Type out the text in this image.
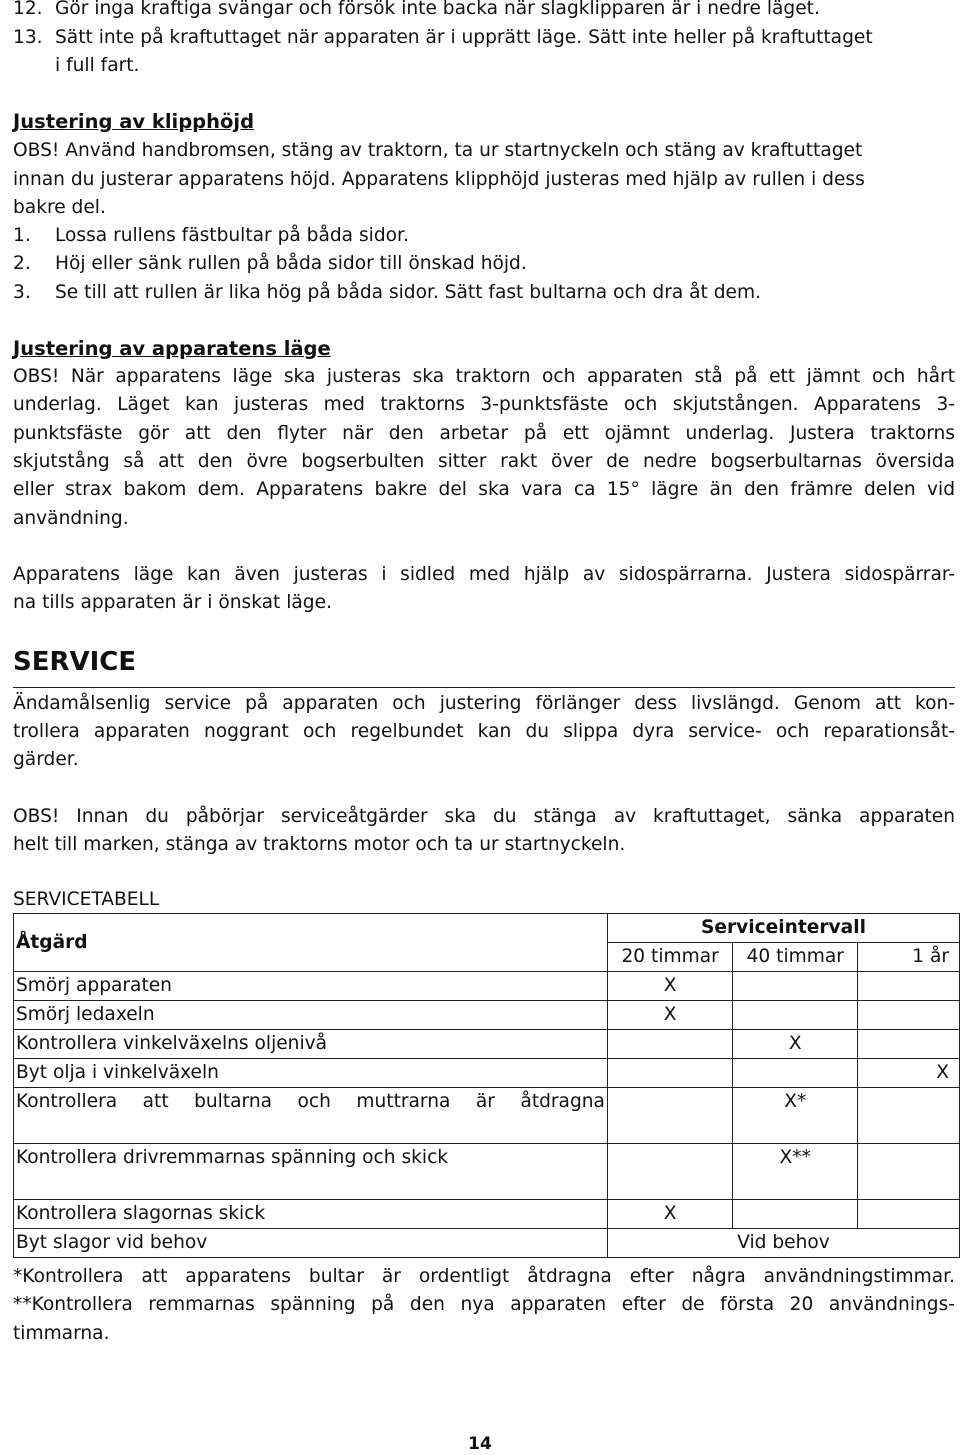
12. Gör inga kraftiga svängar och försök inte backa när slagklipparen är i nedre läget.
13. Sätt inte på kraftuttaget när apparaten är i upprätt läge. Sätt inte heller på kraftuttaget
i full fart.
Justering av klipphöjd
OBS! Använd handbromsen, stäng av traktorn, ta ur startnyckeln och stäng av kraftuttaget
innan du justerar apparatens höjd. Apparatens klipphöjd justeras med hjälp av rullen i dess
bakre del.
1. Lossa rullens fästbultar på båda sidor.
2. Höj eller sänk rullen på båda sidor till önskad höjd.
3. Se till att rullen är lika hög på båda sidor. Sätt fast bultarna och dra åt dem.
Justering av apparatens läge
OBS! När apparatens läge ska justeras ska traktorn och apparaten stå på ett jämnt och hårt
underlag. Läget kan justeras med traktorns 3-punktsfäste och skjutstången. Apparatens 3-
punktsfäste gör att den flyter när den arbetar på ett ojämnt underlag. Justera traktorns
skjutstång så att den övre bogserbulten sitter rakt över de nedre bogserbultarnas översida
eller strax bakom dem. Apparatens bakre del ska vara ca 15° lägre än den främre delen vid
användning.
Apparatens läge kan även justeras i sidled med hjälp av sidospärrarna. Justera sidospärrar-
na tills apparaten är i önskat läge.
SERVICE
Ändamålsenlig service på apparaten och justering förlänger dess livslängd. Genom att kon-
trollera apparaten noggrant och regelbundet kan du slippa dyra service- och reparationsåt-
gärder.
OBS! Innan du påbörjar serviceåtgärder ska du stänga av kraftuttaget, sänka apparaten
helt till marken, stänga av traktorns motor och ta ur startnyckeln.
SERVICETABELL
Åtgärd	Serviceintervall		
	20 timmar	40 timmar	1 år
Smörj apparaten	X		
Smörj ledaxeln	X		
Kontrollera vinkelväxelns oljenivå		X	
Byt olja i vinkelväxeln			X

Kontrollera att bultarna och muttrarna är åtdragna		X*	

Kontrollera drivremmarnas spänning och skick		X**	
Kontrollera slagornas skick	X		
Byt slagor vid behov	Vid behov		
*Kontrollera att apparatens bultar är ordentligt åtdragna efter några användningstimmar.
**Kontrollera remmarnas spänning på den nya apparaten efter de första 20 användnings-
timmarna.
14
